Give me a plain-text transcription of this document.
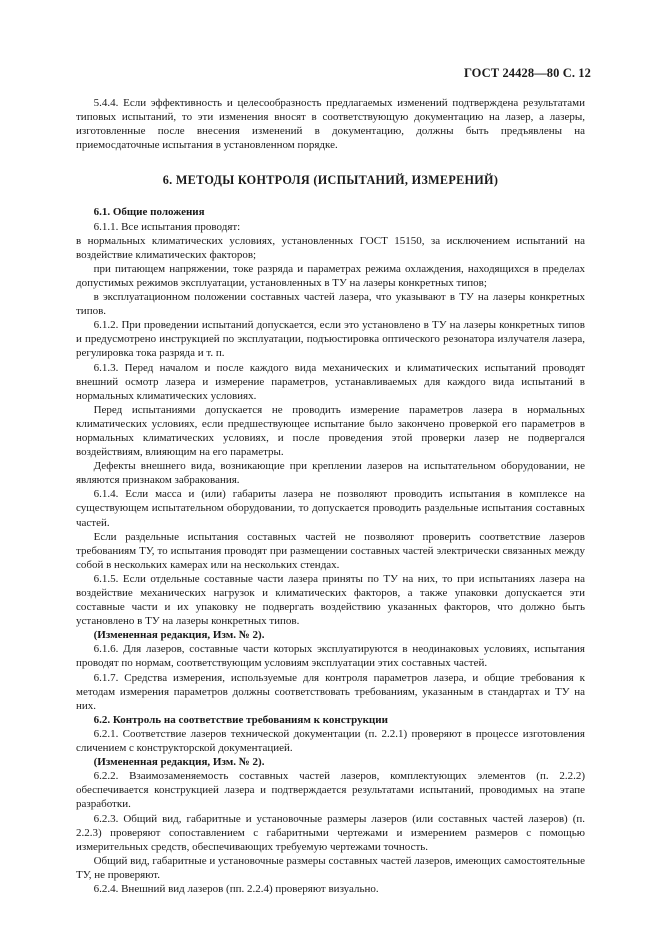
ГОСТ 24428—80 С. 12

5.4.4. Если эффективность и целесообразность предлагаемых изменений подтверждена результатами типовых испытаний, то эти изменения вносят в соответствующую документацию на лазер, а лазеры, изготовленные после внесения изменений в документацию, должны быть предъявлены на приемосдаточные испытания в установленном порядке.

6. МЕТОДЫ КОНТРОЛЯ (ИСПЫТАНИЙ, ИЗМЕРЕНИЙ)

6.1. Общие положения

6.1.1. Все испытания проводят:

в нормальных климатических условиях, установленных ГОСТ 15150, за исключением испытаний на воздействие климатических факторов;

при питающем напряжении, токе разряда и параметрах режима охлаждения, находящихся в пределах допустимых режимов эксплуатации, установленных в ТУ на лазеры конкретных типов;

в эксплуатационном положении составных частей лазера, что указывают в ТУ на лазеры конкретных типов.

6.1.2. При проведении испытаний допускается, если это установлено в ТУ на лазеры конкретных типов и предусмотрено инструкцией по эксплуатации, подъюстировка оптического резонатора излучателя лазера, регулировка тока разряда и т. п.

6.1.3. Перед началом и после каждого вида механических и климатических испытаний проводят внешний осмотр лазера и измерение параметров, устанавливаемых для каждого вида испытаний в нормальных климатических условиях.

Перед испытаниями допускается не проводить измерение параметров лазера в нормальных климатических условиях, если предшествующее испытание было закончено проверкой его параметров в нормальных климатических условиях, и после проведения этой проверки лазер не подвергался воздействиям, влияющим на его параметры.

Дефекты внешнего вида, возникающие при креплении лазеров на испытательном оборудовании, не являются признаком забракования.

6.1.4. Если масса и (или) габариты лазера не позволяют проводить испытания в комплексе на существующем испытательном оборудовании, то допускается проводить раздельные испытания составных частей.

Если раздельные испытания составных частей не позволяют проверить соответствие лазеров требованиям ТУ, то испытания проводят при размещении составных частей электрически связанных между собой в нескольких камерах или на нескольких стендах.

6.1.5. Если отдельные составные части лазера приняты по ТУ на них, то при испытаниях лазера на воздействие механических нагрузок и климатических факторов, а также упаковки допускается эти составные части и их упаковку не подвергать воздействию указанных факторов, что должно быть установлено в ТУ на лазеры конкретных типов.

(Измененная редакция, Изм. № 2).

6.1.6. Для лазеров, составные части которых эксплуатируются в неодинаковых условиях, испытания проводят по нормам, соответствующим условиям эксплуатации этих составных частей.

6.1.7. Средства измерения, используемые для контроля параметров лазера, и общие требования к методам измерения параметров должны соответствовать требованиям, указанным в стандартах и ТУ на них.

6.2. Контроль на соответствие требованиям к конструкции

6.2.1. Соответствие лазеров технической документации (п. 2.2.1) проверяют в процессе изготовления сличением с конструкторской документацией.

(Измененная редакция, Изм. № 2).

6.2.2. Взаимозаменяемость составных частей лазеров, комплектующих элементов (п. 2.2.2) обеспечивается конструкцией лазера и подтверждается результатами испытаний, проводимых на этапе разработки.

6.2.3. Общий вид, габаритные и установочные размеры лазеров (или составных частей лазеров) (п. 2.2.3) проверяют сопоставлением с габаритными чертежами и измерением размеров с помощью измерительных средств, обеспечивающих требуемую чертежами точность.

Общий вид, габаритные и установочные размеры составных частей лазеров, имеющих самостоятельные ТУ, не проверяют.

6.2.4. Внешний вид лазеров (пп. 2.2.4) проверяют визуально.
